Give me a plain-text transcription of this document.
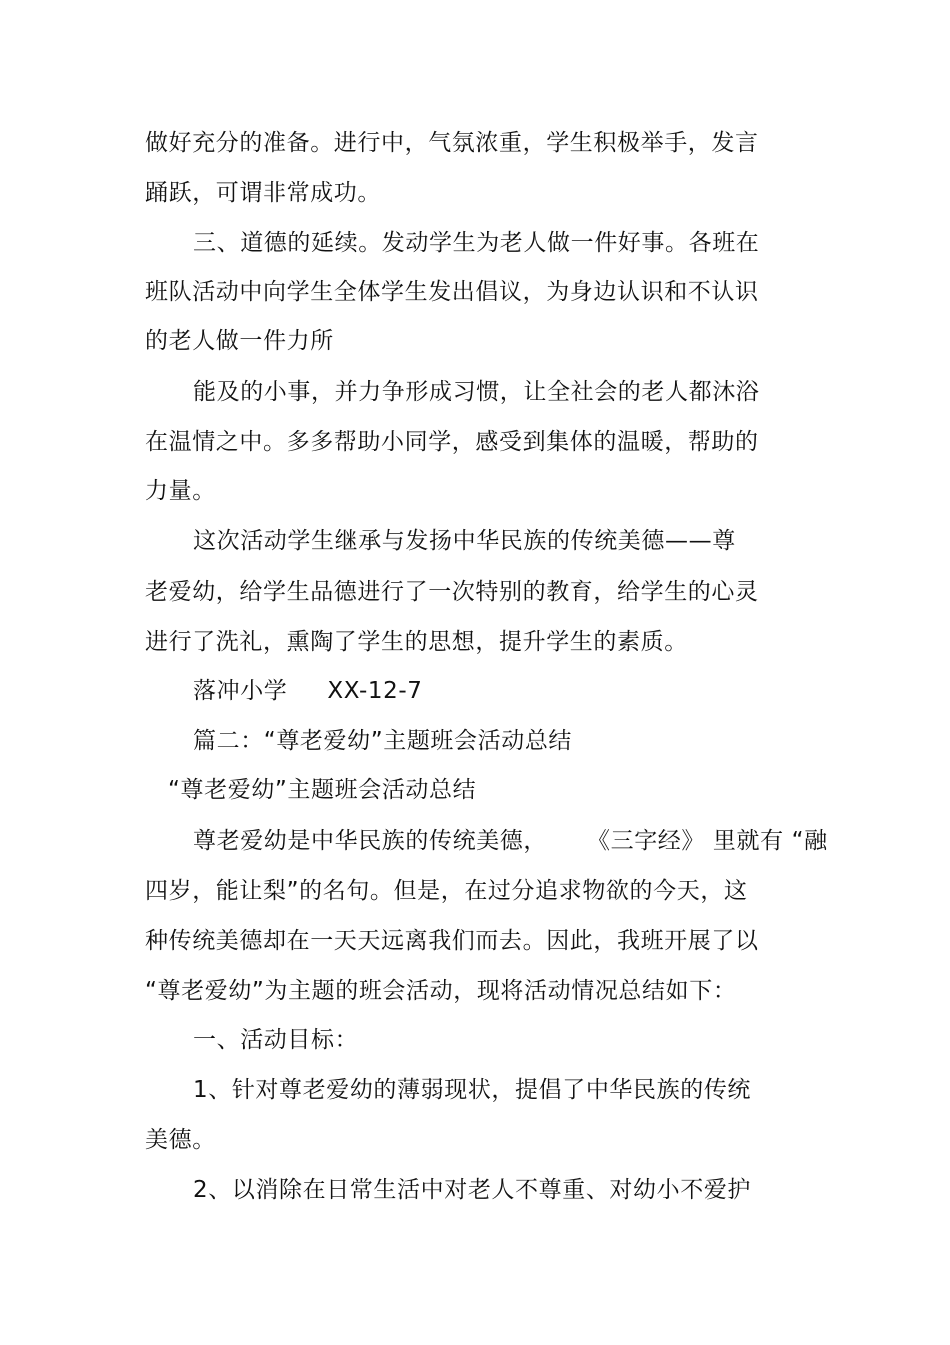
做好充分的准备。进行中，气氛浓重，学生积极举手，发言
踊跃，可谓非常成功。
三、道德的延续。发动学生为老人做一件好事。各班在
班队活动中向学生全体学生发出倡议，为身边认识和不认识
的老人做一件力所
能及的小事，并力争形成习惯，让全社会的老人都沐浴
在温情之中。多多帮助小同学，感受到集体的温暖，帮助的
力量。
这次活动学生继承与发扬中华民族的传统美德——尊
老爱幼，给学生品德进行了一次特别的教育，给学生的心灵
进行了洗礼，熏陶了学生的思想，提升学生的素质。
落冲小学 XX-12-7
篇二：“尊老爱幼”主题班会活动总结
“尊老爱幼”主题班会活动总结
尊老爱幼是中华民族的传统美德， 《三字经》 里就有 “融
四岁，能让梨”的名句。但是，在过分追求物欲的今天，这
种传统美德却在一天天远离我们而去。因此，我班开展了以
“尊老爱幼”为主题的班会活动，现将活动情况总结如下：
一、活动目标：
1、针对尊老爱幼的薄弱现状，提倡了中华民族的传统
美德。
2、以消除在日常生活中对老人不尊重、对幼小不爱护
